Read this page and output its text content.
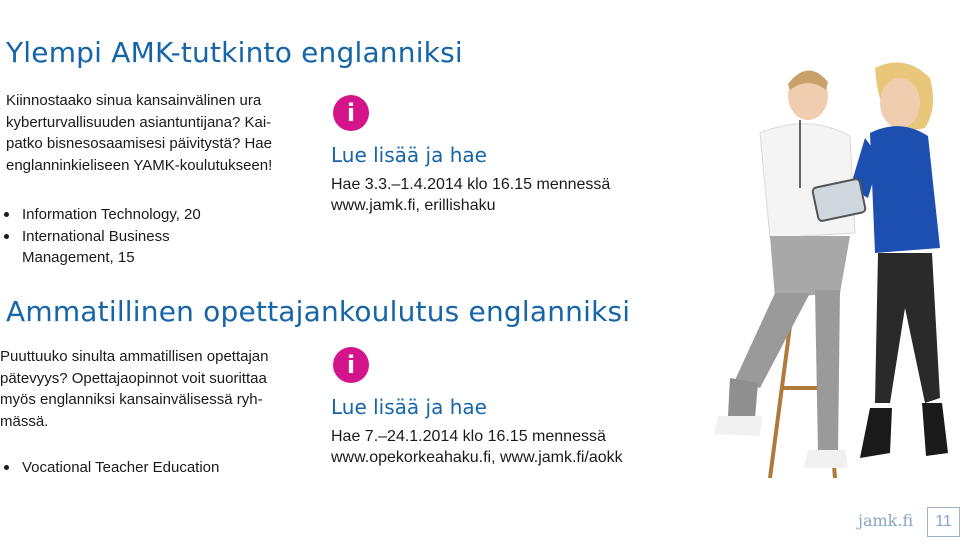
Ylempi AMK-tutkinto englanniksi
Kiinnostaako sinua kansainvälinen ura
kyberturvallisuuden asiantuntijana? Kai-
patko bisnesosaamisesi päivitystä? Hae
englanninkieliseen YAMK-koulutukseen!
Information Technology, 20
International Business
Management, 15
i
Lue lisää ja hae
Hae 3.3.–1.4.2014 klo 16.15 mennessä
www.jamk.fi, erillishaku
Ammatillinen opettajankoulutus englanniksi
Puuttuuko sinulta ammatillisen opettajan
pätevyys? Opettajaopinnot voit suorittaa
myös englanniksi kansainvälisessä ryh-
mässä.
Vocational Teacher Education
i
Lue lisää ja hae
Hae 7.–24.1.2014 klo 16.15 mennessä
www.opekorkeahaku.fi, www.jamk.fi/aokk
jamk.fi	11
